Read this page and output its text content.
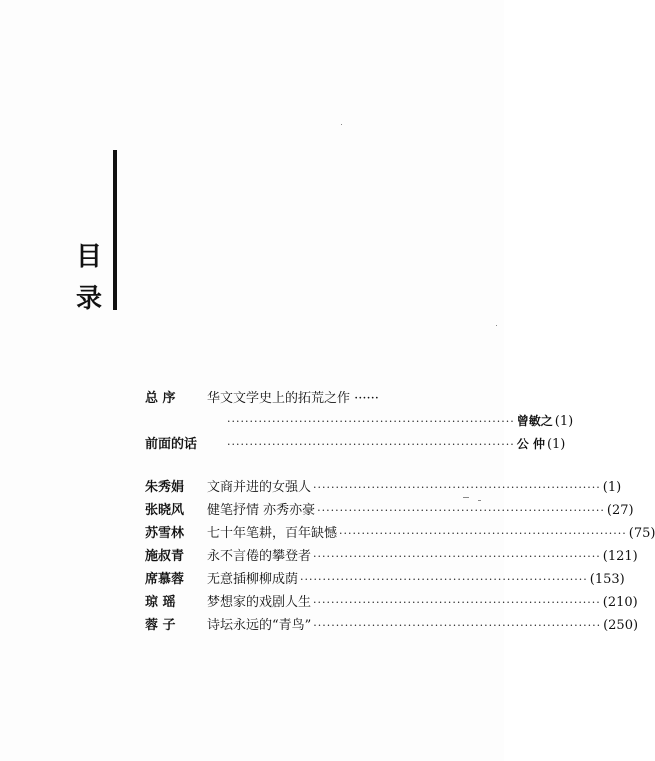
目
录
总 序 华文文学史上的拓荒之作 ······
································································ 曾敏之 (1)
前面的话	································································ 公 仲 (1)
朱秀娟 文商并进的女强人 ································································ (1)
张晓风 健笔抒情 亦秀亦豪 ································································ (27)
苏雪林 七十年笔耕，百年缺憾 ································································ (75)
施叔青 永不言倦的攀登者 ································································ (121)
席慕蓉 无意插柳柳成荫 ································································ (153)
琼 瑶 梦想家的戏剧人生 ································································ (210)
蓉 子 诗坛永远的“青鸟” ································································ (250)
